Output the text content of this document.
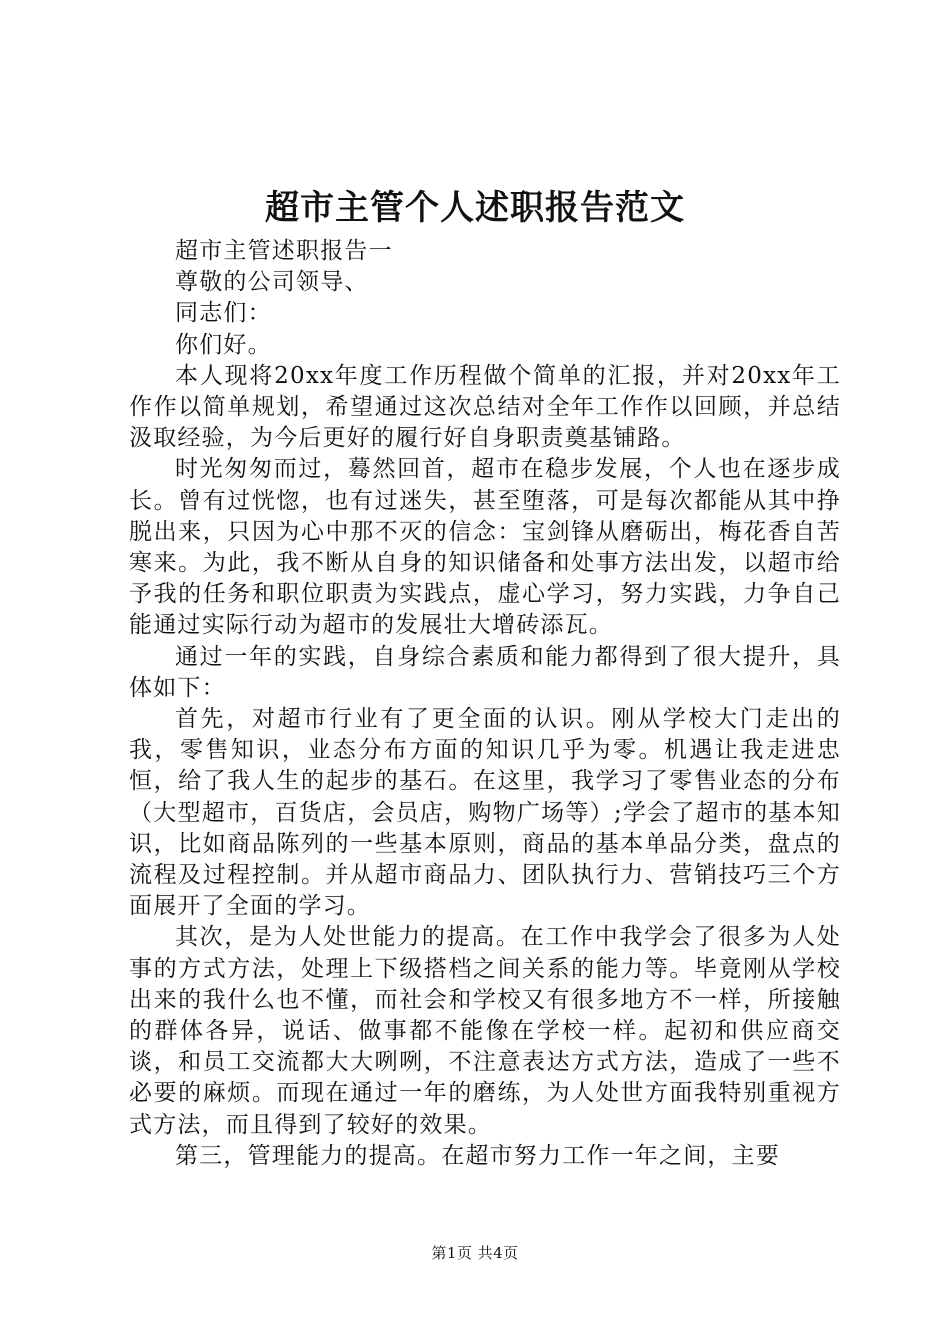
超市主管个人述职报告范文

超市主管述职报告一

尊敬的公司领导、

同志们：

你们好。

本人现将20xx年度工作历程做个简单的汇报，并对20xx年工作作以简单规划，希望通过这次总结对全年工作作以回顾，并总结汲取经验，为今后更好的履行好自身职责奠基铺路。

时光匆匆而过，蓦然回首，超市在稳步发展，个人也在逐步成长。曾有过恍惚，也有过迷失，甚至堕落，可是每次都能从其中挣脱出来，只因为心中那不灭的信念：宝剑锋从磨砺出，梅花香自苦寒来。为此，我不断从自身的知识储备和处事方法出发，以超市给予我的任务和职位职责为实践点，虚心学习，努力实践，力争自己能通过实际行动为超市的发展壮大增砖添瓦。

通过一年的实践，自身综合素质和能力都得到了很大提升，具体如下：

首先，对超市行业有了更全面的认识。刚从学校大门走出的我，零售知识，业态分布方面的知识几乎为零。机遇让我走进忠恒，给了我人生的起步的基石。在这里，我学习了零售业态的分布（大型超市，百货店，会员店，购物广场等）;学会了超市的基本知识，比如商品陈列的一些基本原则，商品的基本单品分类，盘点的流程及过程控制。并从超市商品力、团队执行力、营销技巧三个方面展开了全面的学习。

其次，是为人处世能力的提高。在工作中我学会了很多为人处事的方式方法，处理上下级搭档之间关系的能力等。毕竟刚从学校出来的我什么也不懂，而社会和学校又有很多地方不一样，所接触的群体各异，说话、做事都不能像在学校一样。起初和供应商交谈，和员工交流都大大咧咧，不注意表达方式方法，造成了一些不必要的麻烦。而现在通过一年的磨练，为人处世方面我特别重视方式方法，而且得到了较好的效果。

第三，管理能力的提高。在超市努力工作一年之间，主要

第1页 共4页
